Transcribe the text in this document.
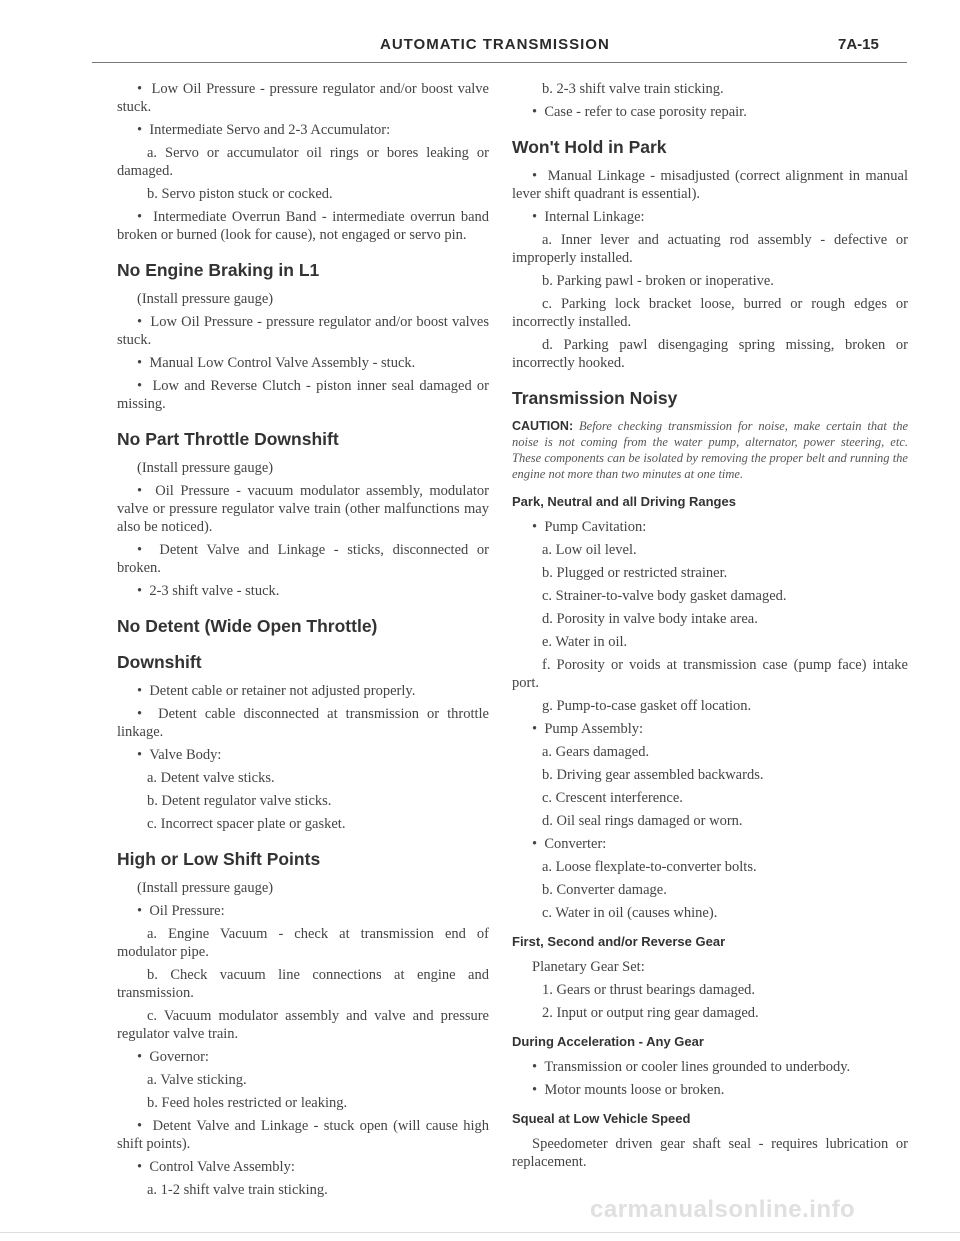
AUTOMATIC TRANSMISSION	7A-15

•  Low Oil Pressure - pressure regulator and/or boost valve stuck.

•  Intermediate Servo and 2-3 Accumulator:

a. Servo or accumulator oil rings or bores leaking or damaged.

b. Servo piston stuck or cocked.

•  Intermediate Overrun Band - intermediate overrun band broken or burned (look for cause), not engaged or servo pin.

No Engine Braking in L1

(Install pressure gauge)

•  Low Oil Pressure - pressure regulator and/or boost valves stuck.

•  Manual Low Control Valve Assembly - stuck.

•  Low and Reverse Clutch - piston inner seal damaged or missing.

No Part Throttle Downshift

(Install pressure gauge)

•  Oil Pressure - vacuum modulator assembly, modulator valve or pressure regulator valve train (other malfunctions may also be noticed).

•  Detent Valve and Linkage - sticks, disconnected or broken.

•  2-3 shift valve - stuck.

No Detent (Wide Open Throttle)
Downshift

•  Detent cable or retainer not adjusted properly.

•  Detent cable disconnected at transmission or throttle linkage.

•  Valve Body:

a. Detent valve sticks.

b. Detent regulator valve sticks.

c. Incorrect spacer plate or gasket.

High or Low Shift Points

(Install pressure gauge)

•  Oil Pressure:

a. Engine Vacuum - check at transmission end of modulator pipe.

b. Check vacuum line connections at engine and transmission.

c. Vacuum modulator assembly and valve and pressure regulator valve train.

•  Governor:

a. Valve sticking.

b. Feed holes restricted or leaking.

•  Detent Valve and Linkage - stuck open (will cause high shift points).

•  Control Valve Assembly:

a. 1-2 shift valve train sticking.

b. 2-3 shift valve train sticking.

•  Case - refer to case porosity repair.

Won't Hold in Park

•  Manual Linkage - misadjusted (correct alignment in manual lever shift quadrant is essential).

•  Internal Linkage:

a. Inner lever and actuating rod assembly - defective or improperly installed.

b. Parking pawl - broken or inoperative.

c. Parking lock bracket loose, burred or rough edges or incorrectly installed.

d. Parking pawl disengaging spring missing, broken or incorrectly hooked.

Transmission Noisy

CAUTION: Before checking transmission for noise, make certain that the noise is not coming from the water pump, alternator, power steering, etc. These components can be isolated by removing the proper belt and running the engine not more than two minutes at one time.

Park, Neutral and all Driving Ranges

•  Pump Cavitation:

a. Low oil level.

b. Plugged or restricted strainer.

c. Strainer-to-valve body gasket damaged.

d. Porosity in valve body intake area.

e. Water in oil.

f. Porosity or voids at transmission case (pump face) intake port.

g. Pump-to-case gasket off location.

•  Pump Assembly:

a. Gears damaged.

b. Driving gear assembled backwards.

c. Crescent interference.

d. Oil seal rings damaged or worn.

•  Converter:

a. Loose flexplate-to-converter bolts.

b. Converter damage.

c. Water in oil (causes whine).

First, Second and/or Reverse Gear

Planetary Gear Set:

1. Gears or thrust bearings damaged.

2. Input or output ring gear damaged.

During Acceleration - Any Gear

•  Transmission or cooler lines grounded to underbody.

•  Motor mounts loose or broken.

Squeal at Low Vehicle Speed

Speedometer driven gear shaft seal - requires lubrication or replacement.

carmanualsonline.info
